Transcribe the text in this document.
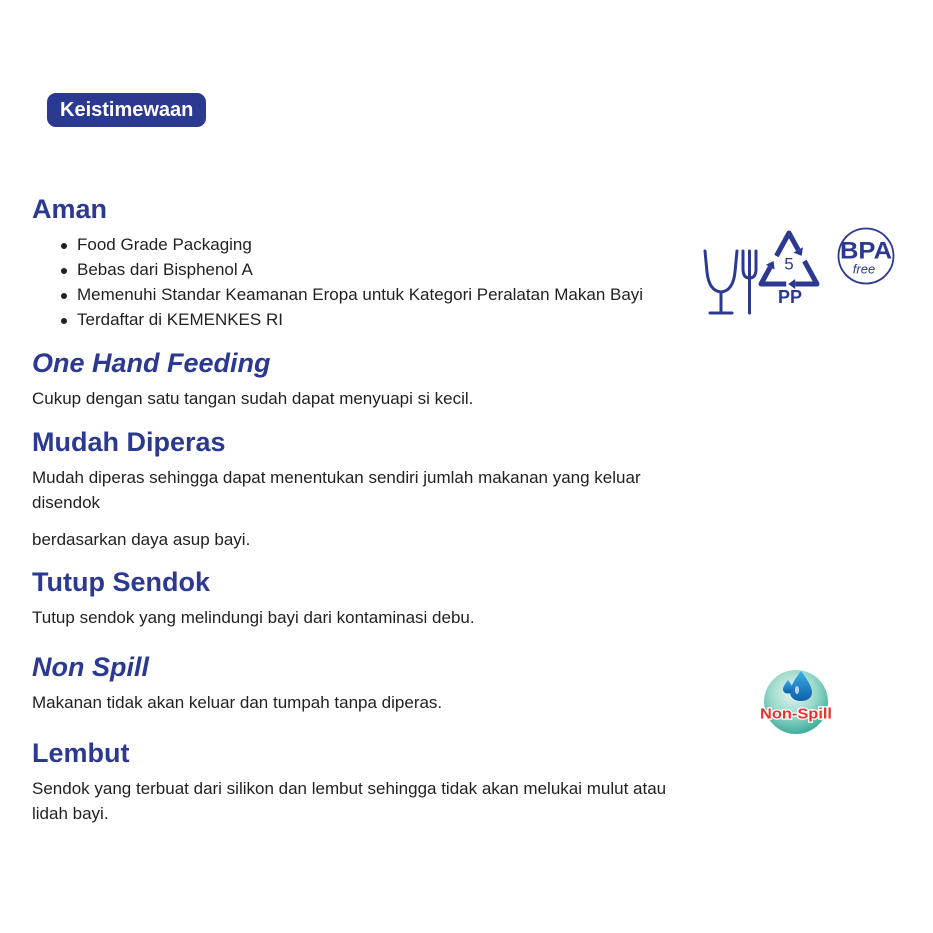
Keistimewaan
Aman
Food Grade Packaging
Bebas dari Bisphenol A
Memenuhi Standar Keamanan Eropa untuk Kategori Peralatan Makan Bayi
Terdaftar di KEMENKES RI
One Hand Feeding

Cukup dengan satu tangan sudah dapat menyuapi si kecil.

Mudah Diperas

Mudah diperas sehingga dapat menentukan sendiri jumlah makanan yang keluar
disendok

berdasarkan daya asup bayi.

Tutup Sendok

Tutup sendok yang melindungi bayi dari kontaminasi debu.

Non Spill

Makanan tidak akan keluar dan tumpah tanpa diperas.

Lembut

Sendok yang terbuat dari silikon dan lembut sehingga tidak akan melukai mulut atau
lidah bayi.

5
PP
BPA
free
Non-Spill
